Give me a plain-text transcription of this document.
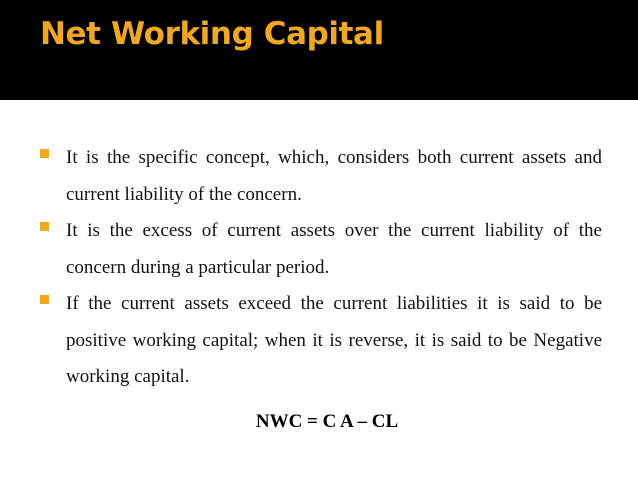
Net Working Capital
It is the specific concept, which, considers both current assets and current liability of the concern.
It is the excess of current assets over the current liability of the concern during a particular period.
If the current assets exceed the current liabilities it is said to be positive working capital; when it is reverse, it is said to be Negative working capital.
NWC = C A – CL
